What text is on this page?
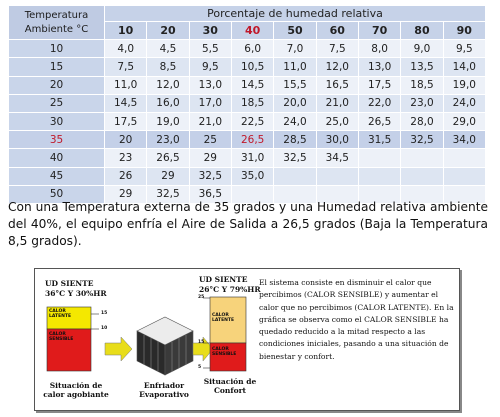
Temperatura
Ambiente °C	Porcentaje de humedad relativa								
	10	20	30	40	50	60	70	80	90
10	4,0	4,5	5,5	6,0	7,0	7,5	8,0	9,0	9,5
15	7,5	8,5	9,5	10,5	11,0	12,0	13,0	13,5	14,0
20	11,0	12,0	13,0	14,5	15,5	16,5	17,5	18,5	19,0
25	14,5	16,0	17,0	18,5	20,0	21,0	22,0	23,0	24,0
30	17,5	19,0	21,0	22,5	24,0	25,0	26,5	28,0	29,0
35	20	23,0	25	26,5	28,5	30,0	31,5	32,5	34,0
40	23	26,5	29	31,0	32,5	34,5			
45	26	29	32,5	35,0					
50	29	32,5	36,5						

Con una Temperatura externa de 35 grados y una Humedad relativa ambiente del 40%, el equipo enfría el Aire de Salida a 26,5 grados (Baja la Temperatura 8,5 grados).

UD SIENTE
36°C Y 30%HR
CALOR LATENTE
CALOR SENSIBLE
15
10
Situación de calor agobiante
Enfriador Evaporativo
UD SIENTE
26°C Y 79%HR
CALOR LATENTE
CALOR SENSIBLE
25
15
5
Situación de Confort
El sistema consiste en disminuir el calor que percibimos (CALOR SENSIBLE) y aumentar el calor que no percibimos (CALOR LATENTE). En la gráfica se observa como el CALOR SENSIBLE ha quedado reducido a la mitad respecto a las condiciones iniciales, pasando a una situación de bienestar y confort.
